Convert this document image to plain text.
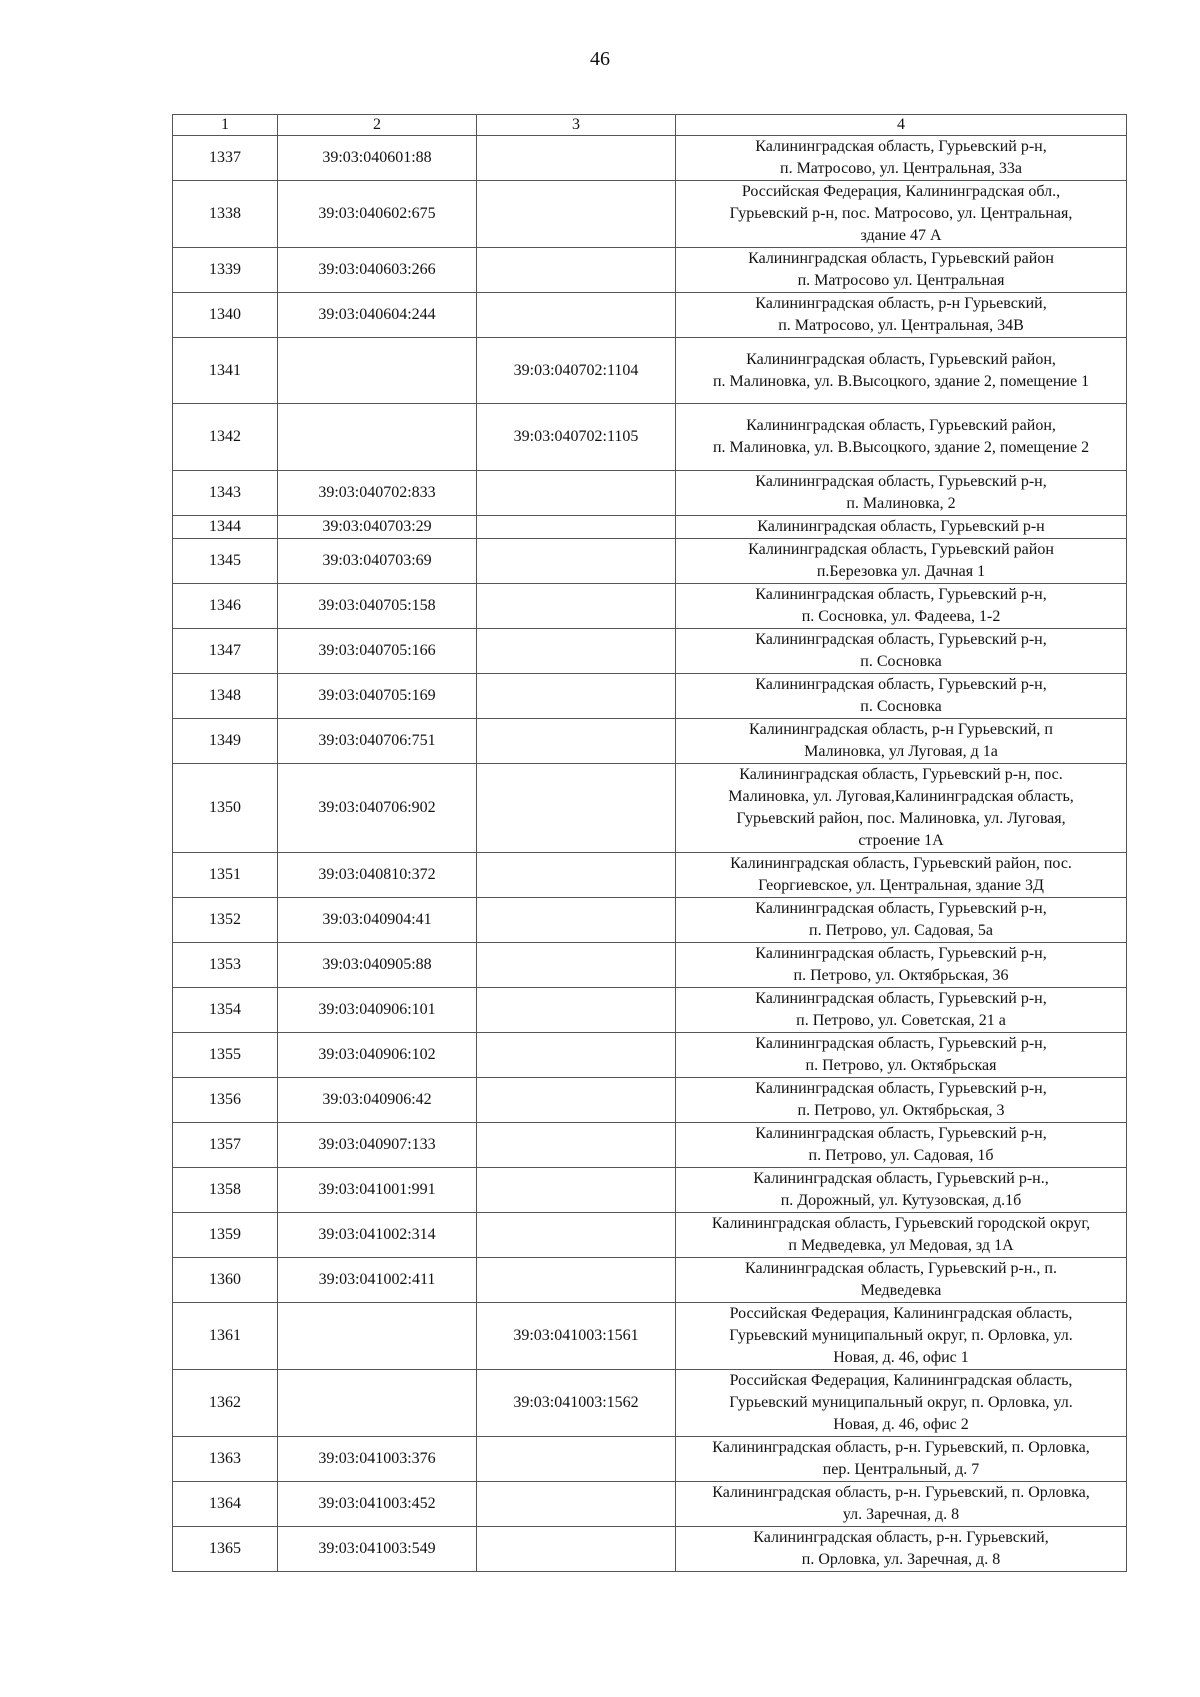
46
1	2	3	4
1337	39:03:040601:88		Калининградская область, Гурьевский р-н,
п. Матросово, ул. Центральная, 33а
1338	39:03:040602:675		Российская Федерация, Калининградская обл.,
Гурьевский р-н, пос. Матросово, ул. Центральная,
здание 47 А
1339	39:03:040603:266		Калининградская область, Гурьевский район
п. Матросово ул. Центральная
1340	39:03:040604:244		Калининградская область, р-н Гурьевский,
п. Матросово, ул. Центральная, 34В
1341		39:03:040702:1104	Калининградская область, Гурьевский район,
п. Малиновка, ул. В.Высоцкого, здание 2, помещение 1
1342		39:03:040702:1105	Калининградская область, Гурьевский район,
п. Малиновка, ул. В.Высоцкого, здание 2, помещение 2
1343	39:03:040702:833		Калининградская область, Гурьевский р-н,
п. Малиновка, 2
1344	39:03:040703:29		Калининградская область, Гурьевский р-н
1345	39:03:040703:69		Калининградская область, Гурьевский район
п.Березовка ул. Дачная 1
1346	39:03:040705:158		Калининградская область, Гурьевский р-н,
п. Сосновка, ул. Фадеева, 1-2
1347	39:03:040705:166		Калининградская область, Гурьевский р-н,
п. Сосновка
1348	39:03:040705:169		Калининградская область, Гурьевский р-н,
п. Сосновка
1349	39:03:040706:751		Калининградская область, р-н Гурьевский, п
Малиновка, ул Луговая, д 1а
1350	39:03:040706:902		Калининградская область, Гурьевский р-н, пос.
Малиновка, ул. Луговая,Калининградская область,
Гурьевский район, пос. Малиновка, ул. Луговая,
строение 1А
1351	39:03:040810:372		Калининградская область, Гурьевский район, пос.
Георгиевское, ул. Центральная, здание 3Д
1352	39:03:040904:41		Калининградская область, Гурьевский р-н,
п. Петрово, ул. Садовая, 5а
1353	39:03:040905:88		Калининградская область, Гурьевский р-н,
п. Петрово, ул. Октябрьская, 36
1354	39:03:040906:101		Калининградская область, Гурьевский р-н,
п. Петрово, ул. Советская, 21 а
1355	39:03:040906:102		Калининградская область, Гурьевский р-н,
п. Петрово, ул. Октябрьская
1356	39:03:040906:42		Калининградская область, Гурьевский р-н,
п. Петрово, ул. Октябрьская, 3
1357	39:03:040907:133		Калининградская область, Гурьевский р-н,
п. Петрово, ул. Садовая, 1б
1358	39:03:041001:991		Калининградская область, Гурьевский р-н.,
п. Дорожный, ул. Кутузовская, д.1б
1359	39:03:041002:314		Калининградская область, Гурьевский городской округ,
п Медведевка, ул Медовая, зд 1А
1360	39:03:041002:411		Калининградская область, Гурьевский р-н., п.
Медведевка
1361		39:03:041003:1561	Российская Федерация, Калининградская область,
Гурьевский муниципальный округ, п. Орловка, ул.
Новая, д. 46, офис 1
1362		39:03:041003:1562	Российская Федерация, Калининградская область,
Гурьевский муниципальный округ, п. Орловка, ул.
Новая, д. 46, офис 2
1363	39:03:041003:376		Калининградская область, р-н. Гурьевский, п. Орловка,
пер. Центральный, д. 7
1364	39:03:041003:452		Калининградская область, р-н. Гурьевский, п. Орловка,
ул. Заречная, д. 8
1365	39:03:041003:549		Калининградская область, р-н. Гурьевский,
п. Орловка, ул. Заречная, д. 8
